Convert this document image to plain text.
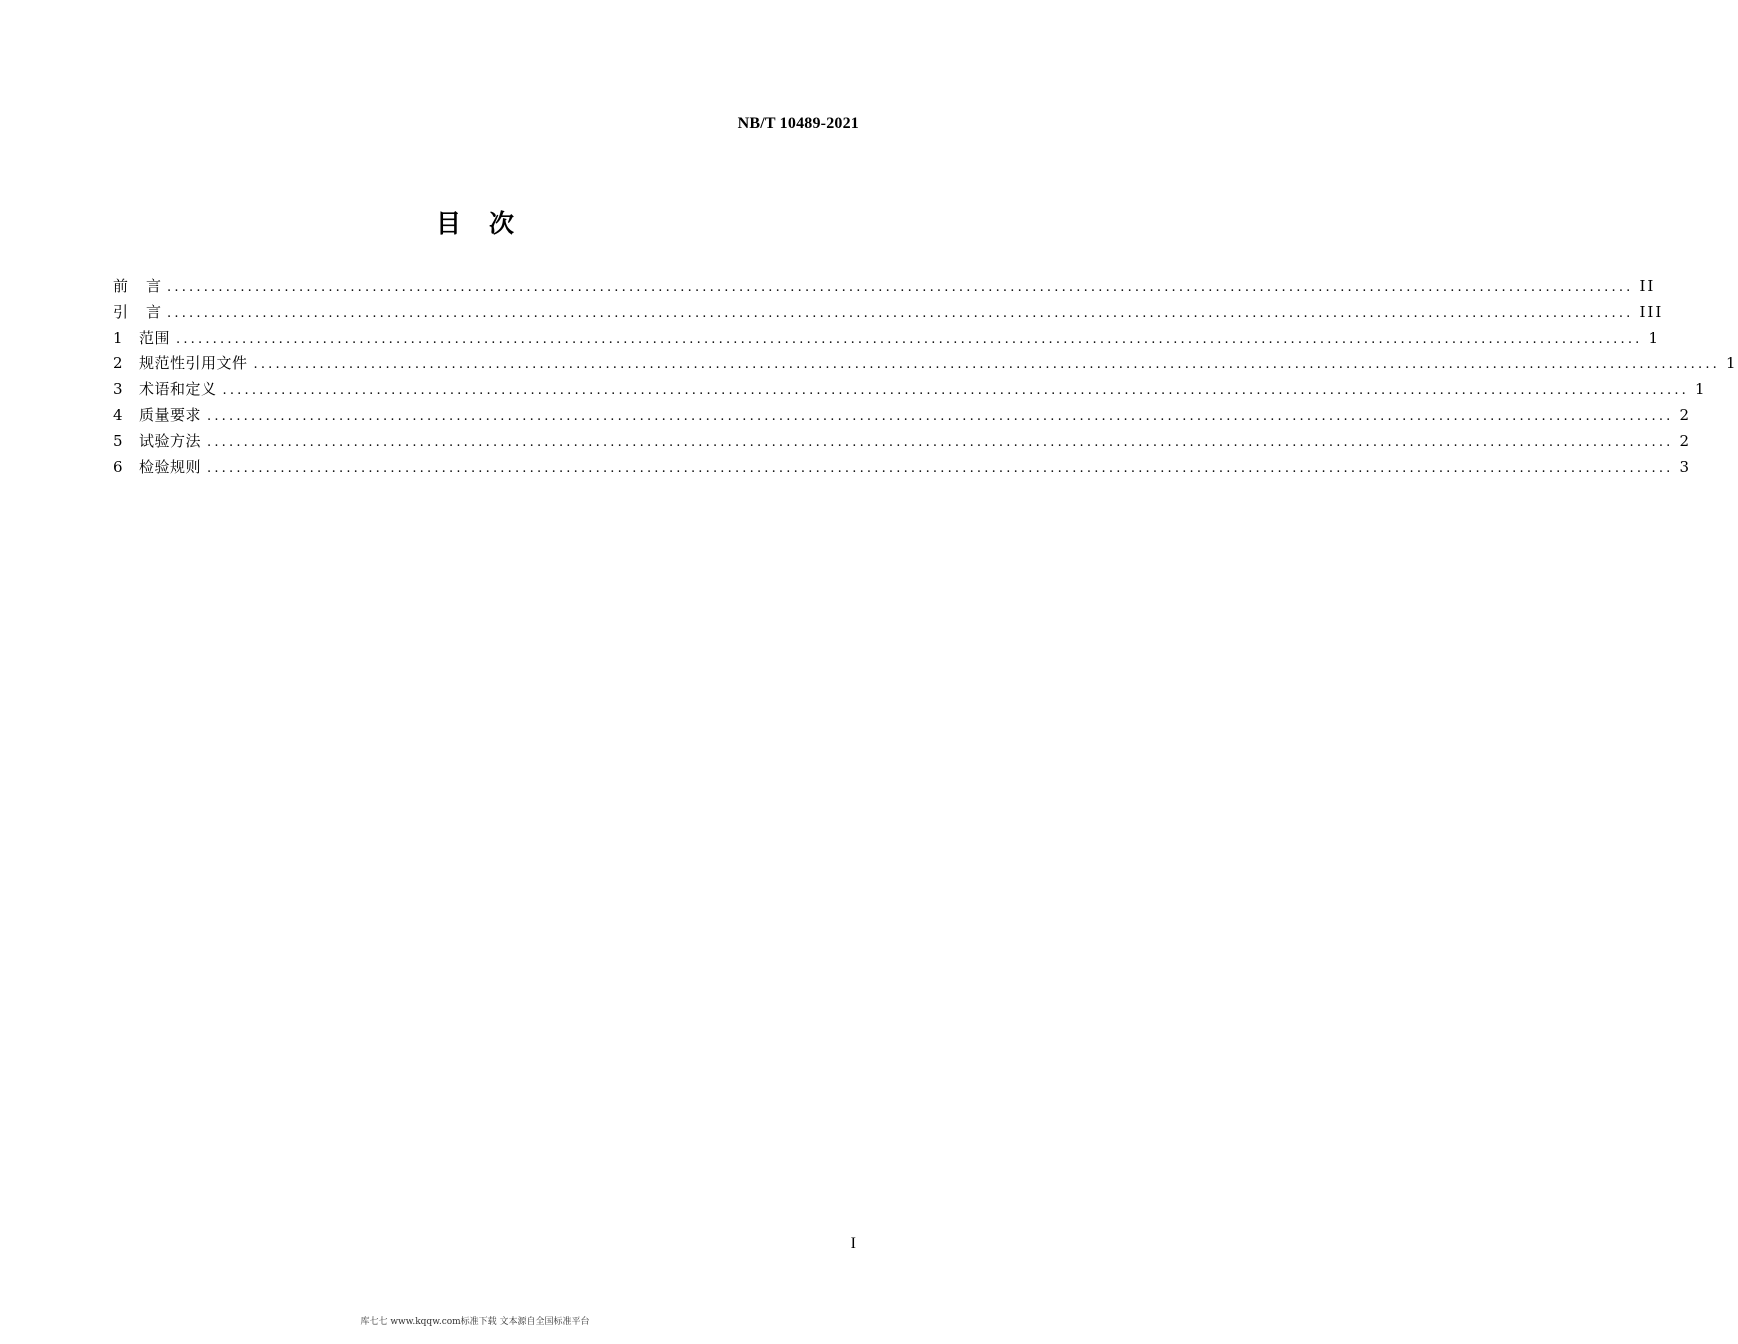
NB/T 10489-2021
目 次
前 言 ........................................................................................................................................................................................................ II
引 言 ........................................................................................................................................................................................................ III
1	范围 ........................................................................................................................................................................................................ 1
2	规范性引用文件 ........................................................................................................................................................................................................ 1
3	术语和定义 ........................................................................................................................................................................................................ 1
4	质量要求 ........................................................................................................................................................................................................ 2
5	试验方法 ........................................................................................................................................................................................................ 2
6	检验规则 ........................................................................................................................................................................................................ 3
I
库七七 www.kqqw.com标准下载 文本源自全国标准平台
